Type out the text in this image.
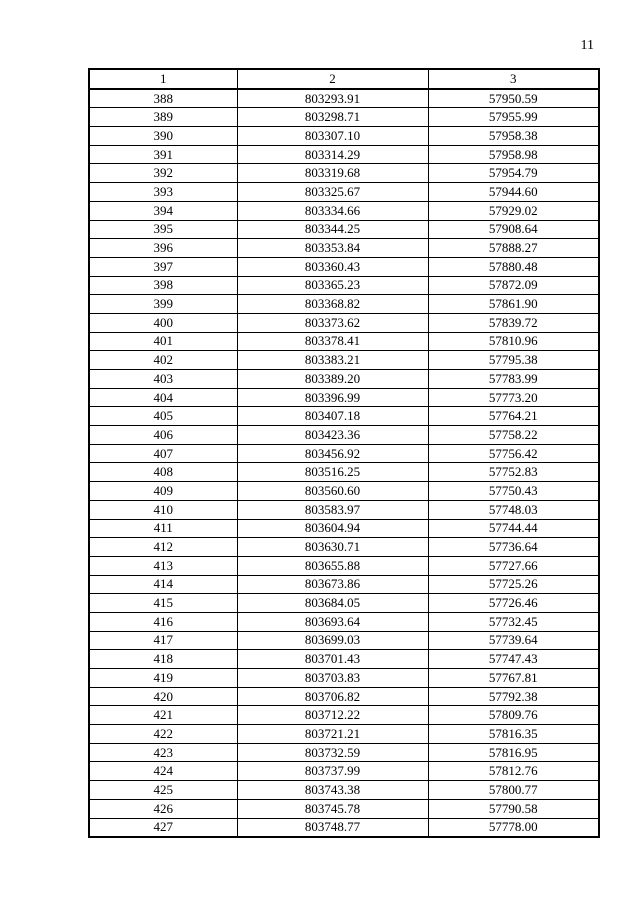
11
1	2	3
388	803293.91	57950.59
389	803298.71	57955.99
390	803307.10	57958.38
391	803314.29	57958.98
392	803319.68	57954.79
393	803325.67	57944.60
394	803334.66	57929.02
395	803344.25	57908.64
396	803353.84	57888.27
397	803360.43	57880.48
398	803365.23	57872.09
399	803368.82	57861.90
400	803373.62	57839.72
401	803378.41	57810.96
402	803383.21	57795.38
403	803389.20	57783.99
404	803396.99	57773.20
405	803407.18	57764.21
406	803423.36	57758.22
407	803456.92	57756.42
408	803516.25	57752.83
409	803560.60	57750.43
410	803583.97	57748.03
411	803604.94	57744.44
412	803630.71	57736.64
413	803655.88	57727.66
414	803673.86	57725.26
415	803684.05	57726.46
416	803693.64	57732.45
417	803699.03	57739.64
418	803701.43	57747.43
419	803703.83	57767.81
420	803706.82	57792.38
421	803712.22	57809.76
422	803721.21	57816.35
423	803732.59	57816.95
424	803737.99	57812.76
425	803743.38	57800.77
426	803745.78	57790.58
427	803748.77	57778.00
